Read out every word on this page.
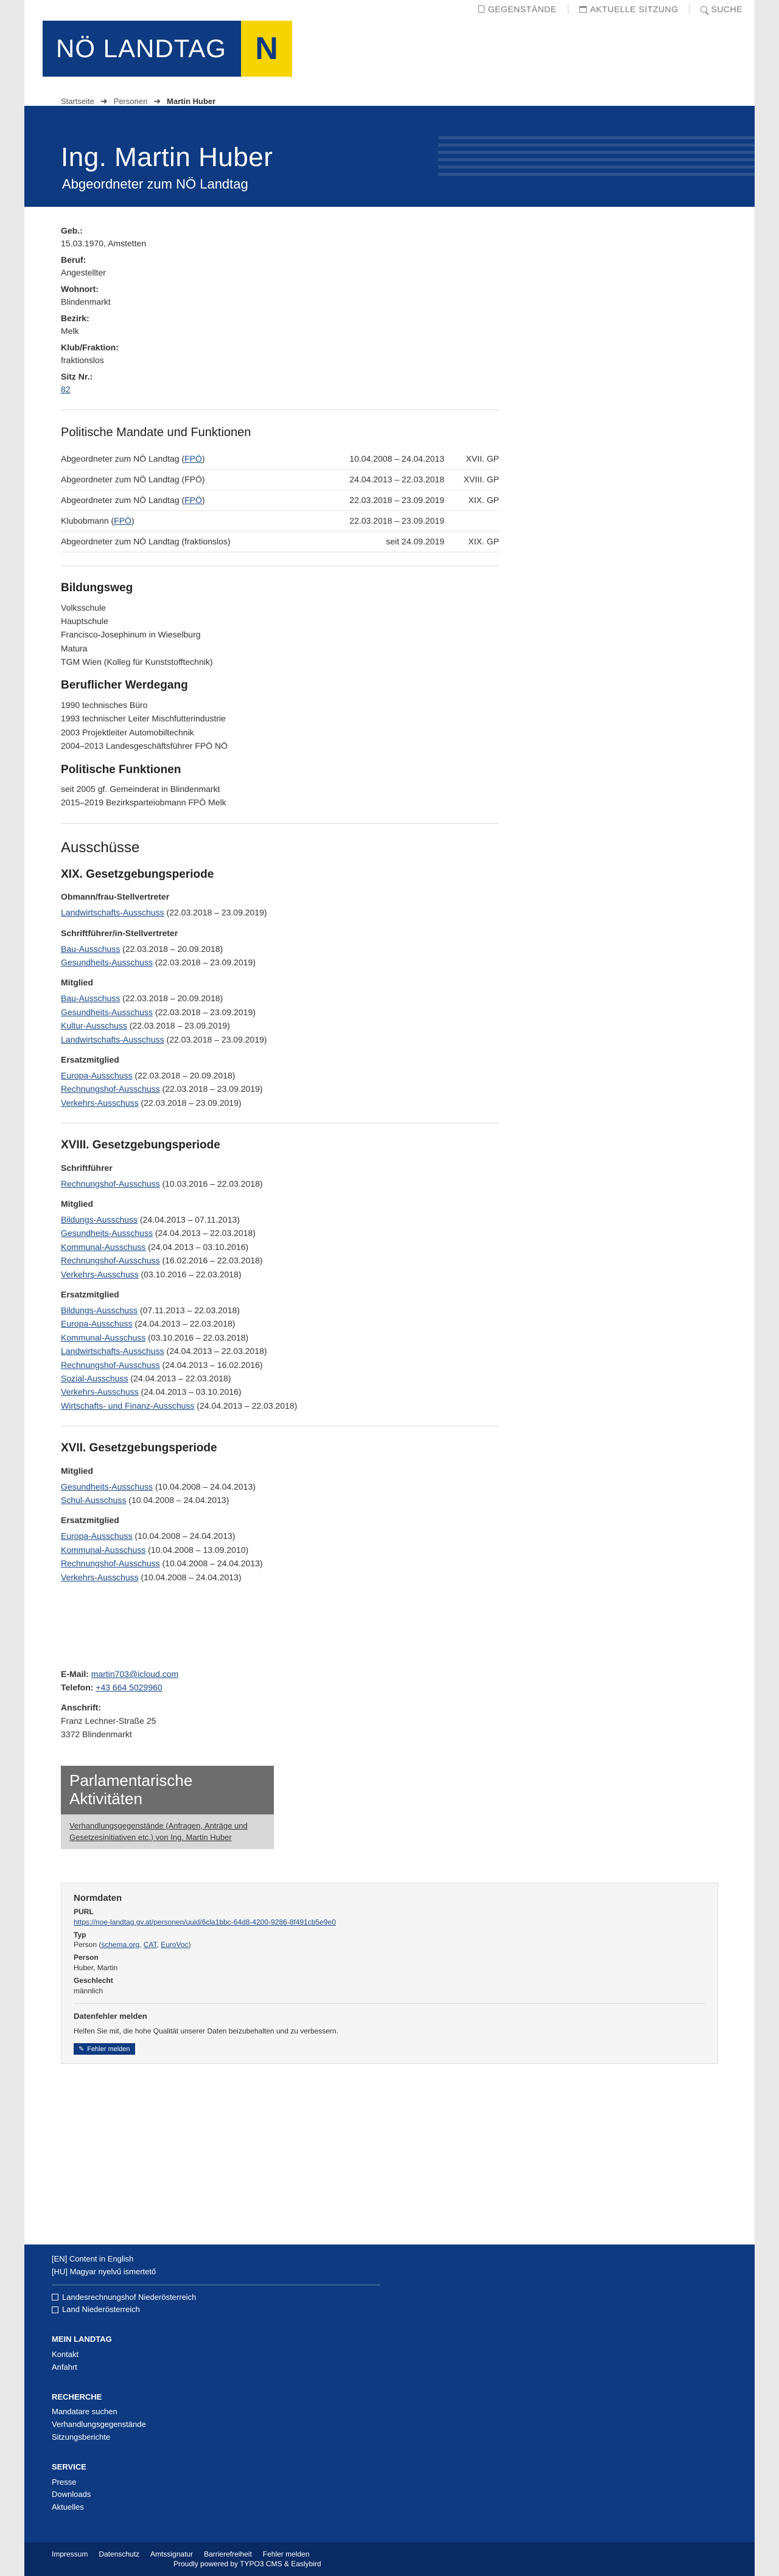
GEGENSTÄNDE	AKTUELLE SITZUNG	SUCHE
NÖ LANDTAG N
Startseite ➜ Personen ➜ Martin Huber
Ing. Martin Huber
Abgeordneter zum NÖ Landtag
Geb.:
15.03.1970, Amstetten
Beruf:
Angestellter
Wohnort:
Blindenmarkt
Bezirk:
Melk
Klub/Fraktion:
fraktionslos
Sitz Nr.:
82
Politische Mandate und Funktionen
Abgeordneter zum NÖ Landtag (FPÖ)	10.04.2008 – 24.04.2013	XVII. GP
Abgeordneter zum NÖ Landtag (FPÖ)	24.04.2013 – 22.03.2018	XVIII. GP
Abgeordneter zum NÖ Landtag (FPÖ)	22.03.2018 – 23.09.2019	XIX. GP
Klubobmann (FPÖ)	22.03.2018 – 23.09.2019	
Abgeordneter zum NÖ Landtag (fraktionslos)	seit 24.09.2019	XIX. GP
Bildungsweg
Volksschule
Hauptschule
Francisco-Josephinum in Wieselburg
Matura
TGM Wien (Kolleg für Kunststofftechnik)
Beruflicher Werdegang
1990 technisches Büro
1993 technischer Leiter Mischfutterindustrie
2003 Projektleiter Automobiltechnik
2004–2013 Landesgeschäftsführer FPÖ NÖ
Politische Funktionen
seit 2005 gf. Gemeinderat in Blindenmarkt
2015–2019 Bezirksparteiobmann FPÖ Melk
Ausschüsse
XIX. Gesetzgebungsperiode
Obmann/frau-Stellvertreter
Landwirtschafts-Ausschuss (22.03.2018 – 23.09.2019)
Schriftführer/in-Stellvertreter
Bau-Ausschuss (22.03.2018 – 20.09.2018)
Gesundheits-Ausschuss (22.03.2018 – 23.09.2019)
Mitglied
Bau-Ausschuss (22.03.2018 – 20.09.2018)
Gesundheits-Ausschuss (22.03.2018 – 23.09.2019)
Kultur-Ausschuss (22.03.2018 – 23.09.2019)
Landwirtschafts-Ausschuss (22.03.2018 – 23.09.2019)
Ersatzmitglied
Europa-Ausschuss (22.03.2018 – 20.09.2018)
Rechnungshof-Ausschuss (22.03.2018 – 23.09.2019)
Verkehrs-Ausschuss (22.03.2018 – 23.09.2019)
XVIII. Gesetzgebungsperiode
Schriftführer
Rechnungshof-Ausschuss (10.03.2016 – 22.03.2018)
Mitglied
Bildungs-Ausschuss (24.04.2013 – 07.11.2013)
Gesundheits-Ausschuss (24.04.2013 – 22.03.2018)
Kommunal-Ausschuss (24.04.2013 – 03.10.2016)
Rechnungshof-Ausschuss (16.02.2016 – 22.03.2018)
Verkehrs-Ausschuss (03.10.2016 – 22.03.2018)
Ersatzmitglied
Bildungs-Ausschuss (07.11.2013 – 22.03.2018)
Europa-Ausschuss (24.04.2013 – 22.03.2018)
Kommunal-Ausschuss (03.10.2016 – 22.03.2018)
Landwirtschafts-Ausschuss (24.04.2013 – 22.03.2018)
Rechnungshof-Ausschuss (24.04.2013 – 16.02.2016)
Sozial-Ausschuss (24.04.2013 – 22.03.2018)
Verkehrs-Ausschuss (24.04.2013 – 03.10.2016)
Wirtschafts- und Finanz-Ausschuss (24.04.2013 – 22.03.2018)
XVII. Gesetzgebungsperiode
Mitglied
Gesundheits-Ausschuss (10.04.2008 – 24.04.2013)
Schul-Ausschuss (10.04.2008 – 24.04.2013)
Ersatzmitglied
Europa-Ausschuss (10.04.2008 – 24.04.2013)
Kommunal-Ausschuss (10.04.2008 – 13.09.2010)
Rechnungshof-Ausschuss (10.04.2008 – 24.04.2013)
Verkehrs-Ausschuss (10.04.2008 – 24.04.2013)
E-Mail: martin703@icloud.com
Telefon: +43 664 5029960
Anschrift:
Franz Lechner-Straße 25
3372 Blindenmarkt
Parlamentarische Aktivitäten
Verhandlungsgegenstände (Anfragen, Anträge und Gesetzesinitiativen etc.) von Ing. Martin Huber
Normdaten
PURL
https://noe-landtag.gv.at/personen/uuid/6cla1bbc-64d8-4200-9286-8f491cb5e9e0
Typ
Person (schema.org, CAT, EuroVoc)
Person
Huber, Martin
Geschlecht
männlich
Datenfehler melden
Helfen Sie mit, die hohe Qualität unserer Daten beizubehalten und zu verbessern.
✎ Fehler melden
[EN] Content in English
[HU] Magyar nyelvű ismertető
Landesrechnungshof Niederösterreich
Land Niederösterreich
MEIN LANDTAG
Kontakt
Anfahrt
RECHERCHE
Mandatare suchen
Verhandlungsgegenstände
Sitzungsberichte
SERVICE
Presse
Downloads
Aktuelles
Impressum Datenschutz Amtssignatur Barrierefreiheit Fehler melden
Proudly powered by TYPO3 CMS & Easlybird
